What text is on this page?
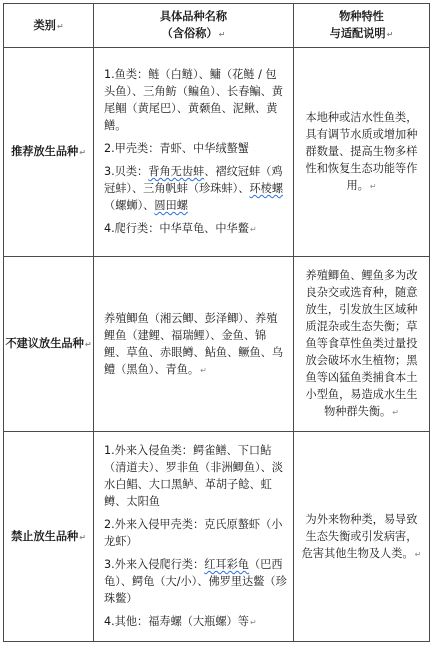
类别↵	具体品种名称
（含俗称）↵	物种特性
与适配说明↵

推荐放生品种↵	1.鱼类：鲢（白鲢）、鳙（花鲢 / 包头鱼）、三角鲂（鳊鱼）、长春鳊、黄尾鲴（黄尾巴）、黄颡鱼、泥鳅、黄鳝。

2.甲壳类：青虾、中华绒螯蟹

3.贝类：背角无齿蚌、褶纹冠蚌（鸡冠蚌）、三角帆蚌（珍珠蚌）、环棱螺（螺蛳）、圆田螺

4.爬行类：中华草龟、中华鳖↵	本地种或洁水性鱼类，具有调节水质或增加种群数量、提高生物多样性和恢复生态功能等作用。↵
不建议放生品种↵	养殖鲫鱼（湘云鲫、彭泽鲫）、养殖鲤鱼（建鲤、福瑞鲤）、金鱼、锦鲤、草鱼、赤眼鳟、鲇鱼、鳜鱼、乌鳢（黑鱼）、青鱼。↵	养殖鲫鱼、鲤鱼多为改良杂交或选育种，随意放生，引发放生区域种质混杂或生态失衡；草鱼等食草性鱼类过量投放会破坏水生植物；黑鱼等凶猛鱼类捕食本土小型鱼，易造成水生生物种群失衡。↵
禁止放生品种↵	1.外来入侵鱼类：鳄雀鳝、下口鲇（清道夫）、罗非鱼（非洲鲫鱼）、淡水白鲳、大口黑鲈、革胡子鲶、虹鳟、太阳鱼

2.外来入侵甲壳类：克氏原螯虾（小龙虾）

3.外来入侵爬行类：红耳彩龟（巴西龟）、鳄龟（大/小）、佛罗里达鳖（珍珠鳖）

4.其他：福寿螺（大瓶螺）等↵	为外来物种类，易导致生态失衡或引发病害，危害其他生物及人类。↵
